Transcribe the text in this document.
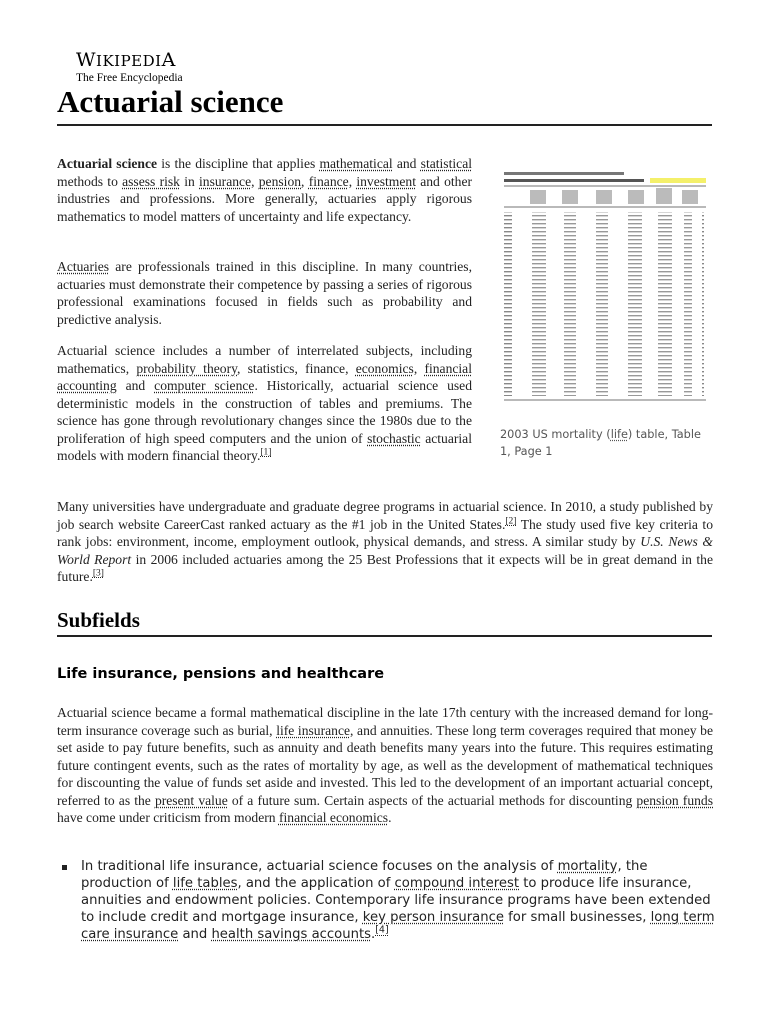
WIKIPEDIA
The Free Encyclopedia
Actuarial science

Actuarial science is the discipline that applies mathematical and statistical methods to assess risk in insurance, pension, finance, investment and other industries and professions. More generally, actuaries apply rigorous mathematics to model matters of uncertainty and life expectancy.

Actuaries are professionals trained in this discipline. In many countries, actuaries must demonstrate their competence by passing a series of rigorous professional examinations focused in fields such as probability and predictive analysis.

Actuarial science includes a number of interrelated subjects, including mathematics, probability theory, statistics, finance, economics, financial accounting and computer science. Historically, actuarial science used deterministic models in the construction of tables and premiums. The science has gone through revolutionary changes since the 1980s due to the proliferation of high speed computers and the union of stochastic actuarial models with modern financial theory.[1]

2003 US mortality (life) table, Table 1, Page 1

Many universities have undergraduate and graduate degree programs in actuarial science. In 2010, a study published by job search website CareerCast ranked actuary as the #1 job in the United States.[2] The study used five key criteria to rank jobs: environment, income, employment outlook, physical demands, and stress. A similar study by U.S. News & World Report in 2006 included actuaries among the 25 Best Professions that it expects will be in great demand in the future.[3]

Subfields
Life insurance, pensions and healthcare

Actuarial science became a formal mathematical discipline in the late 17th century with the increased demand for long-term insurance coverage such as burial, life insurance, and annuities. These long term coverages required that money be set aside to pay future benefits, such as annuity and death benefits many years into the future. This requires estimating future contingent events, such as the rates of mortality by age, as well as the development of mathematical techniques for discounting the value of funds set aside and invested. This led to the development of an important actuarial concept, referred to as the present value of a future sum. Certain aspects of the actuarial methods for discounting pension funds have come under criticism from modern financial economics.

In traditional life insurance, actuarial science focuses on the analysis of mortality, the production of life tables, and the application of compound interest to produce life insurance, annuities and endowment policies. Contemporary life insurance programs have been extended to include credit and mortgage insurance, key person insurance for small businesses, long term care insurance and health savings accounts.[4]
